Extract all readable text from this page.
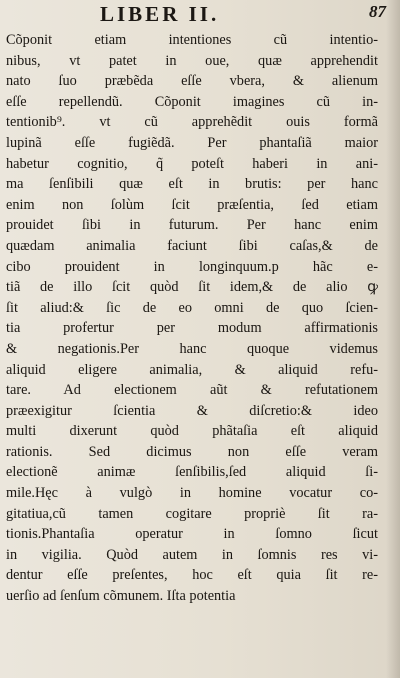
LIBER II.	87
Cõponit etiam intentiones cũ intentio-
nibus, vt patet in oue, quæ apprehendit
nato ſuo præbẽda eſſe vbera, & alienum
eſſe repellendũ. Cõponit imagines cũ in-
tentionib⁹. vt cũ apprehẽdit ouis formã
lupinã eſſe fugiẽdã. Per phantaſiã maior
habetur cognitio, q̃ poteſt haberi in ani-
ma ſenſibili quæ eſt in brutis: per hanc
enim non ſolùm ſcit præſentia, ſed etiam
prouidet ſibi in futurum. Per hanc enim
quædam animalia faciunt ſibi caſas,& de
cibo prouident in longinquum.p hãc e-
tiã de illo ſcit quòd ſit idem,& de alio ꝙ
ſit aliud:& ſic de eo omni de quo ſcien-
tia profertur per modum affirmationis
& negationis.Per hanc quoque videmus
aliquid eligere animalia, & aliquid refu-
tare. Ad electionem aũt & refutationem
præexigitur ſcientia & diſcretio:& ideo
multi dixerunt quòd phãtaſia eſt aliquid
rationis. Sed dicimus non eſſe veram
electionẽ animæ ſenſibilis,ſed aliquid ſi-
mile.Hęc à vulgò in homine vocatur co-
gitatiua,cũ tamen cogitare propriè ſit ra-
tionis.Phantaſia operatur in ſomno ſicut
in vigilia. Quòd autem in ſomnis res vi-
dentur eſſe preſentes, hoc eſt quia ſit re-
uerſio ad ſenſum cõmunem. Iſta potentia
